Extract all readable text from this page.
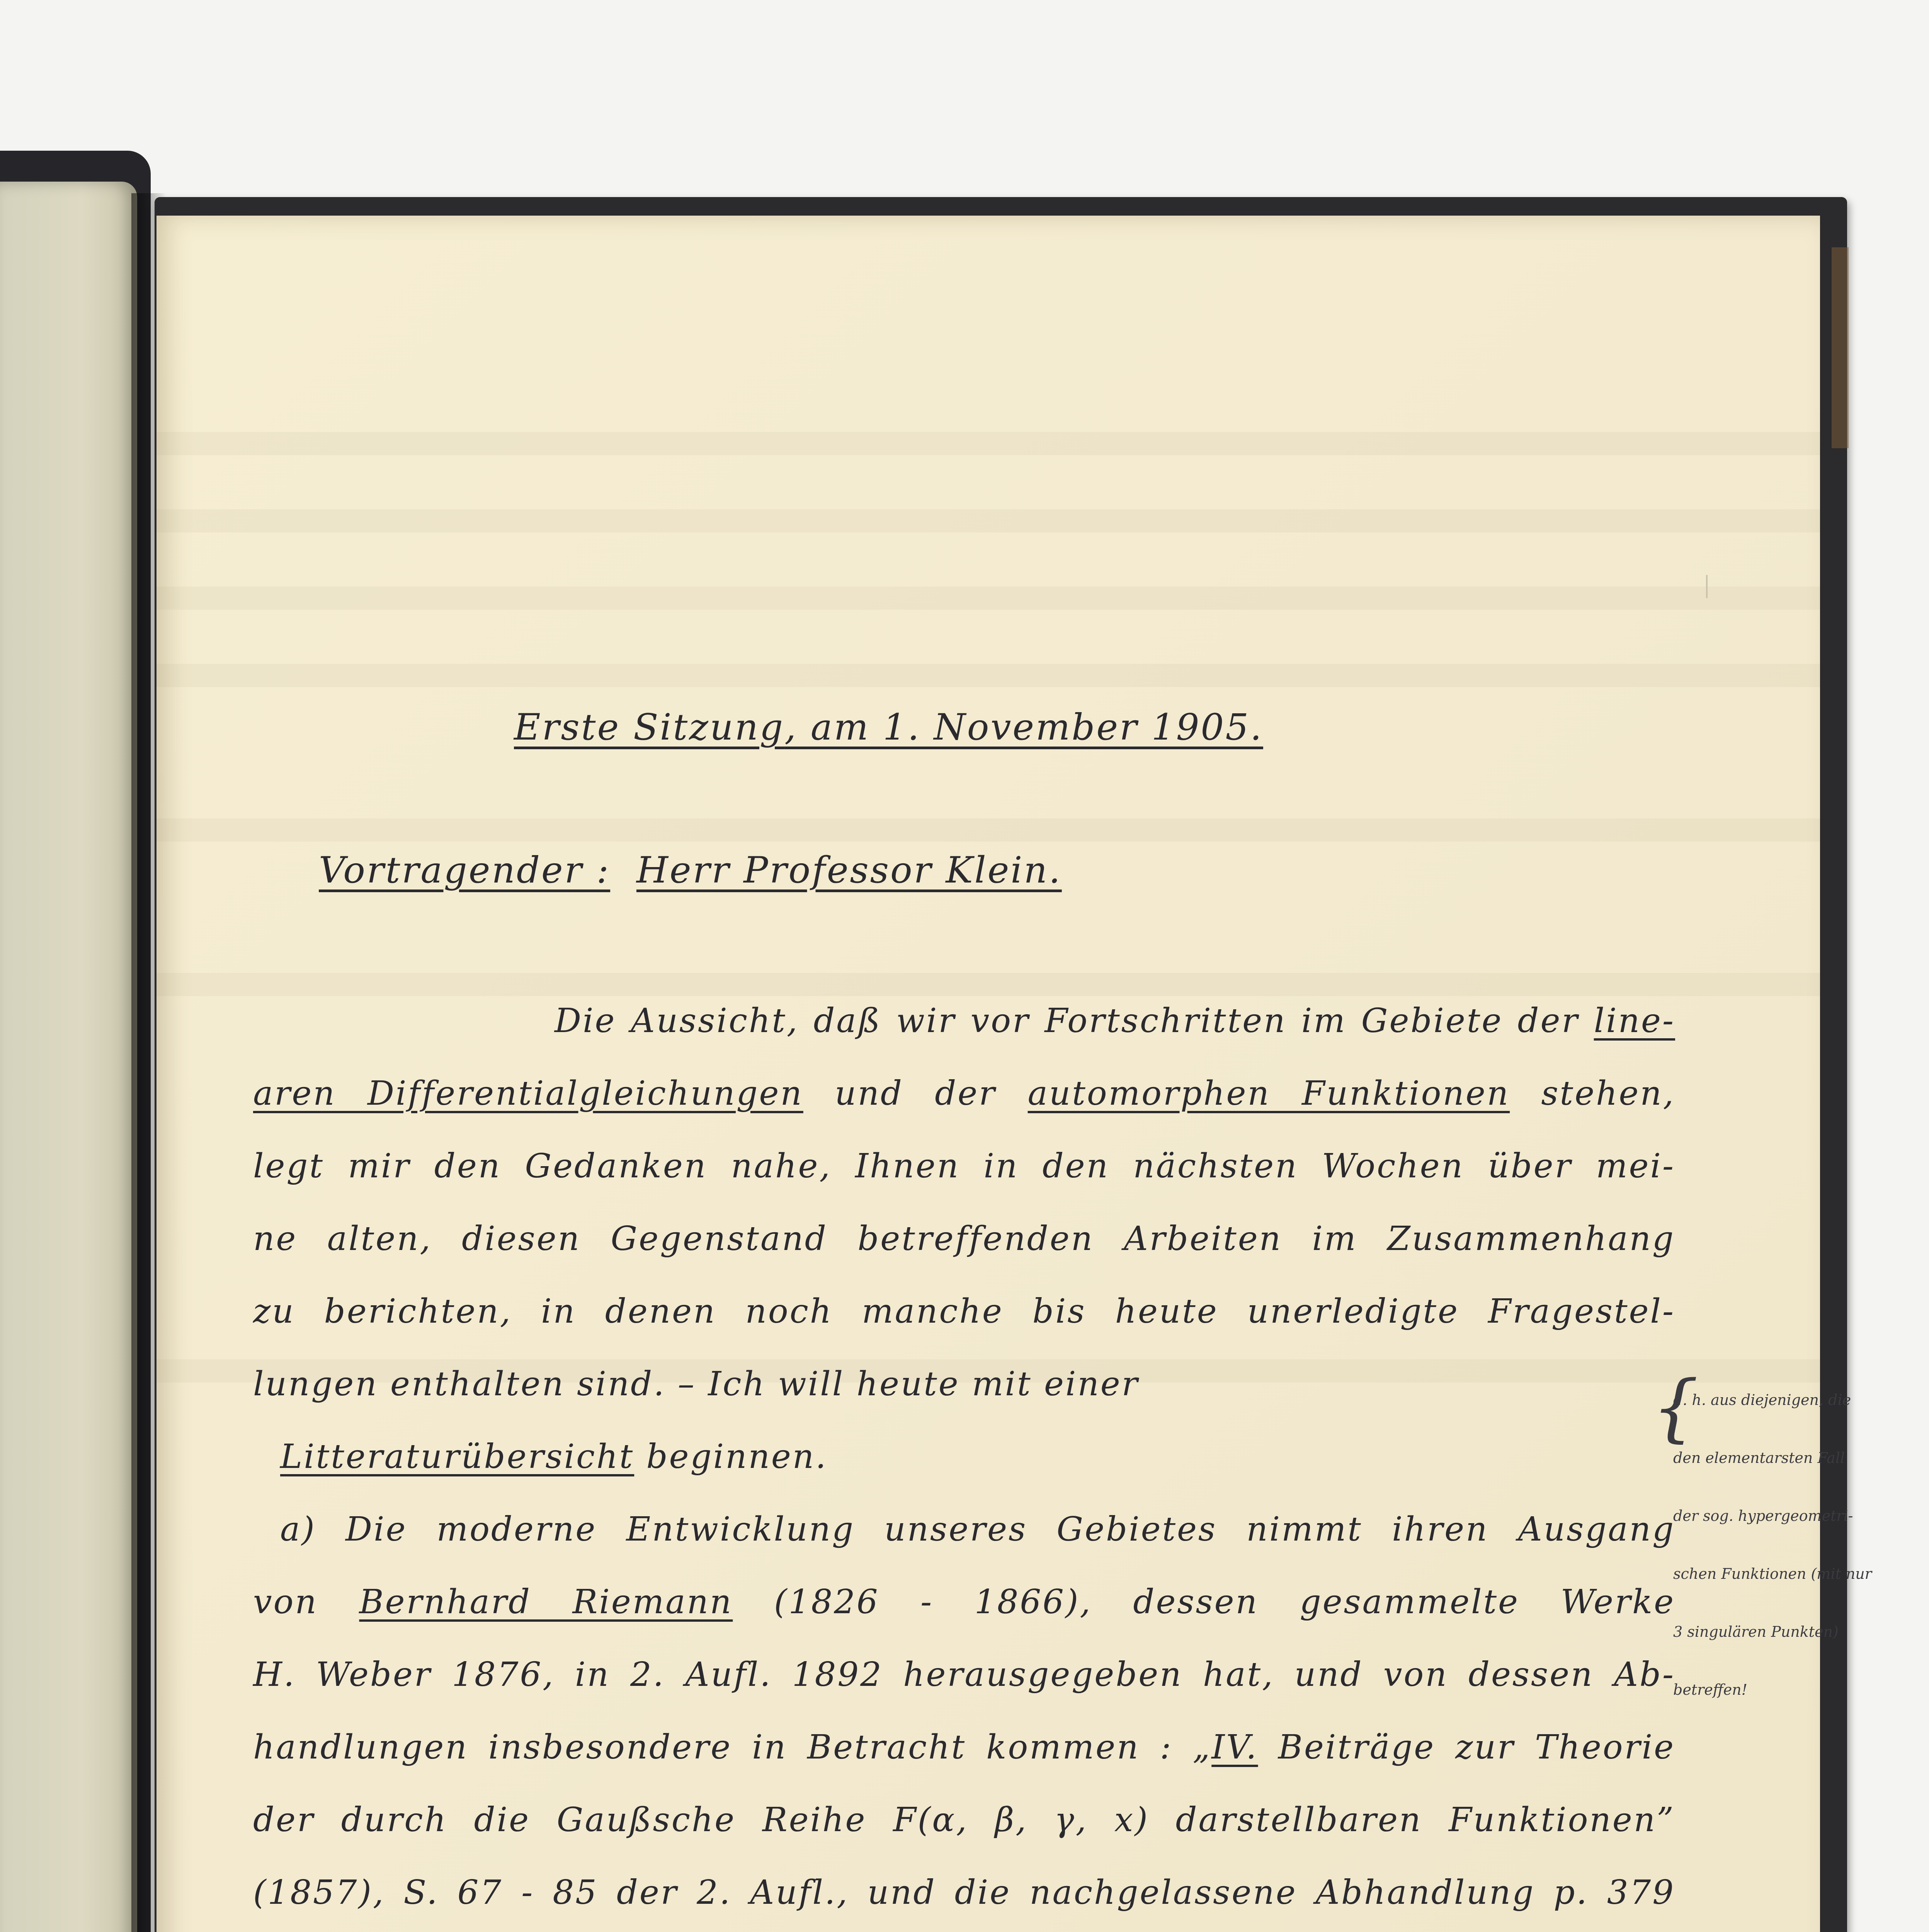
Erste Sitzung, am 1. November 1905.
Vortragender : Herr Professor Klein.
Die Aussicht, daß wir vor Fortschritten im Gebiete der line-
aren Differentialgleichungen und der automorphen Funktionen stehen,
legt mir den Gedanken nahe, Ihnen in den nächsten Wochen über mei-
ne alten, diesen Gegenstand betreffenden Arbeiten im Zusammenhang
zu berichten, in denen noch manche bis heute unerledigte Fragestel-
lungen enthalten sind. – Ich will heute mit einer
Litteraturübersicht beginnen.
a) Die moderne Entwicklung unseres Gebietes nimmt ihren Ausgang
von Bernhard Riemann (1826 - 1866), dessen gesammelte Werke
H. Weber 1876, in 2. Aufl. 1892 herausgegeben hat, und von dessen Ab-
handlungen insbesondere in Betracht kommen : „IV. Beiträge zur Theorie
der durch die Gaußsche Reihe F(α, β, γ, x) darstellbaren Funktionen”
(1857), S. 67 - 85 der 2. Aufl., und die nachgelassene Abhandlung p. 379
{
d. h. aus diejenigen, die
den elementarsten Fall
der sog. hypergeometri-
schen Funktionen (mit nur
3 singulären Punkten)
betreffen!
